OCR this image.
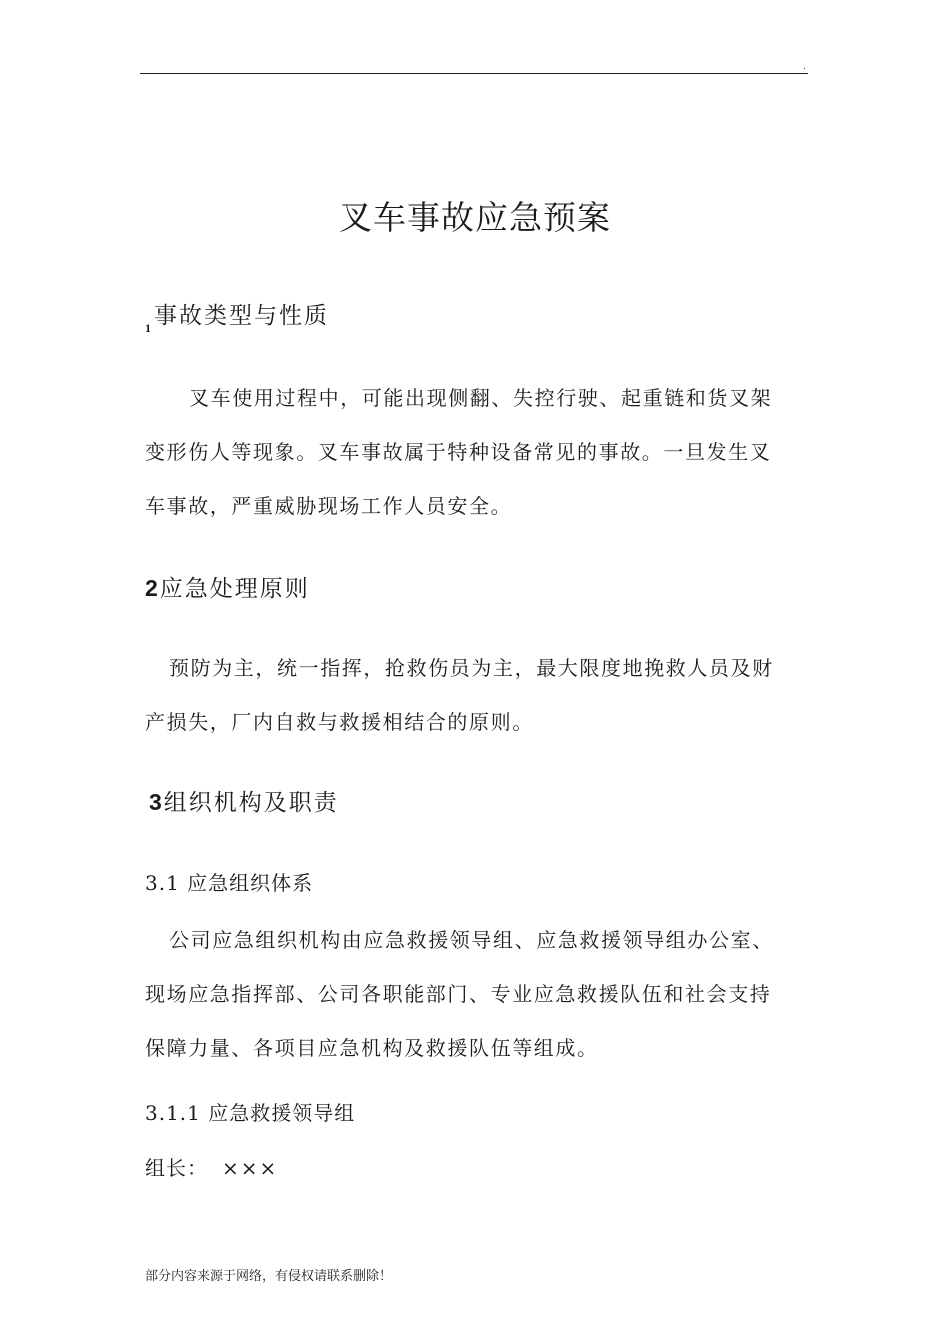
.
叉车事故应急预案
$_1$ 事故类型与性质

叉车使用过程中，可能出现侧翻、失控行驶、起重链和货叉架
变形伤人等现象。叉车事故属于特种设备常见的事故。一旦发生叉
车事故，严重威胁现场工作人员安全。

2应急处理原则

预防为主，统一指挥，抢救伤员为主，最大限度地挽救人员及财
产损失，厂内自救与救援相结合的原则。

3组织机构及职责
3.1 应急组织体系

公司应急组织机构由应急救援领导组、应急救援领导组办公室、
现场应急指挥部、公司各职能部门、专业应急救援队伍和社会支持
保障力量、各项目应急机构及救援队伍等组成。

3.1.1 应急救援领导组
组长： ×××
部分内容来源于网络，有侵权请联系删除！
